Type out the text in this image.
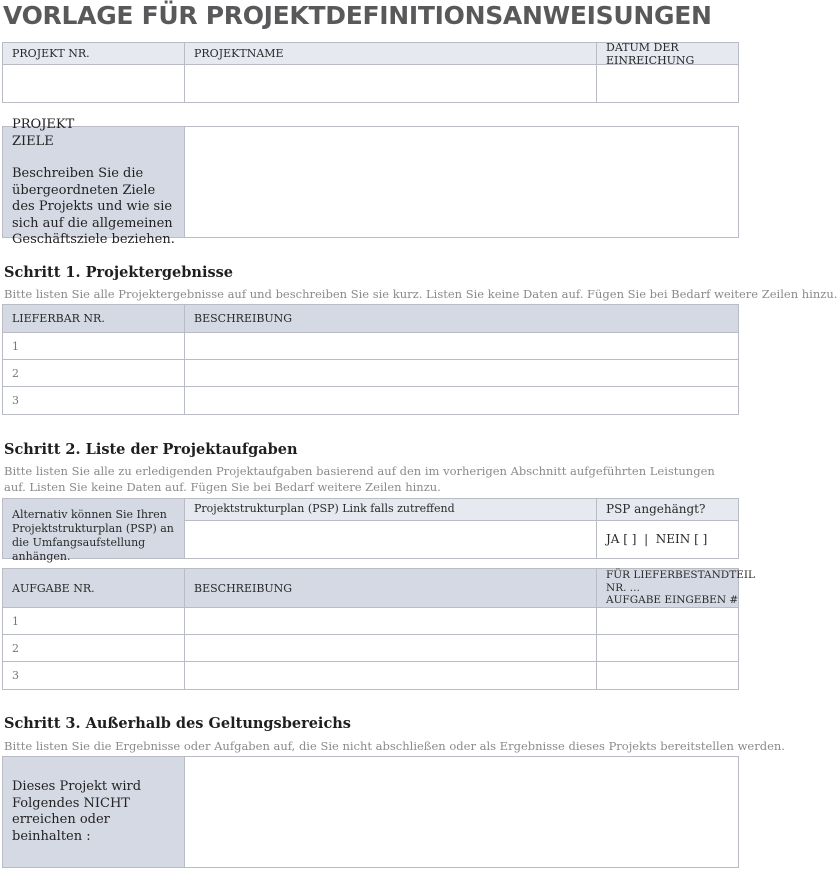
VORLAGE FÜR PROJEKTDEFINITIONSANWEISUNGEN
PROJEKT NR.	PROJEKTNAME	DATUM DER
EINREICHUNG
PROJEKT
ZIELE
Beschreiben Sie die übergeordneten Ziele des Projekts und wie sie sich auf die allgemeinen Geschäftsziele beziehen.
Schritt 1. Projektergebnisse
Bitte listen Sie alle Projektergebnisse auf und beschreiben Sie sie kurz. Listen Sie keine Daten auf. Fügen Sie bei Bedarf weitere Zeilen hinzu.
LIEFERBAR NR.	BESCHREIBUNG
1
2
3
Schritt 2. Liste der Projektaufgaben
Bitte listen Sie alle zu erledigenden Projektaufgaben basierend auf den im vorherigen Abschnitt aufgeführten Leistungen auf. Listen Sie keine Daten auf. Fügen Sie bei Bedarf weitere Zeilen hinzu.
Alternativ können Sie Ihren Projektstrukturplan (PSP) an die Umfangsaufstellung anhängen.
Projektstrukturplan (PSP) Link falls zutreffend	PSP angehängt?
JA [ ]  |  NEIN [ ]
AUFGABE NR.	BESCHREIBUNG
FÜR LIEFERBESTANDTEIL
NR. ...
AUFGABE EINGEBEN #
1
2
3
Schritt 3. Außerhalb des Geltungsbereichs
Bitte listen Sie die Ergebnisse oder Aufgaben auf, die Sie nicht abschließen oder als Ergebnisse dieses Projekts bereitstellen werden.
Dieses Projekt wird Folgendes NICHT erreichen oder beinhalten :
